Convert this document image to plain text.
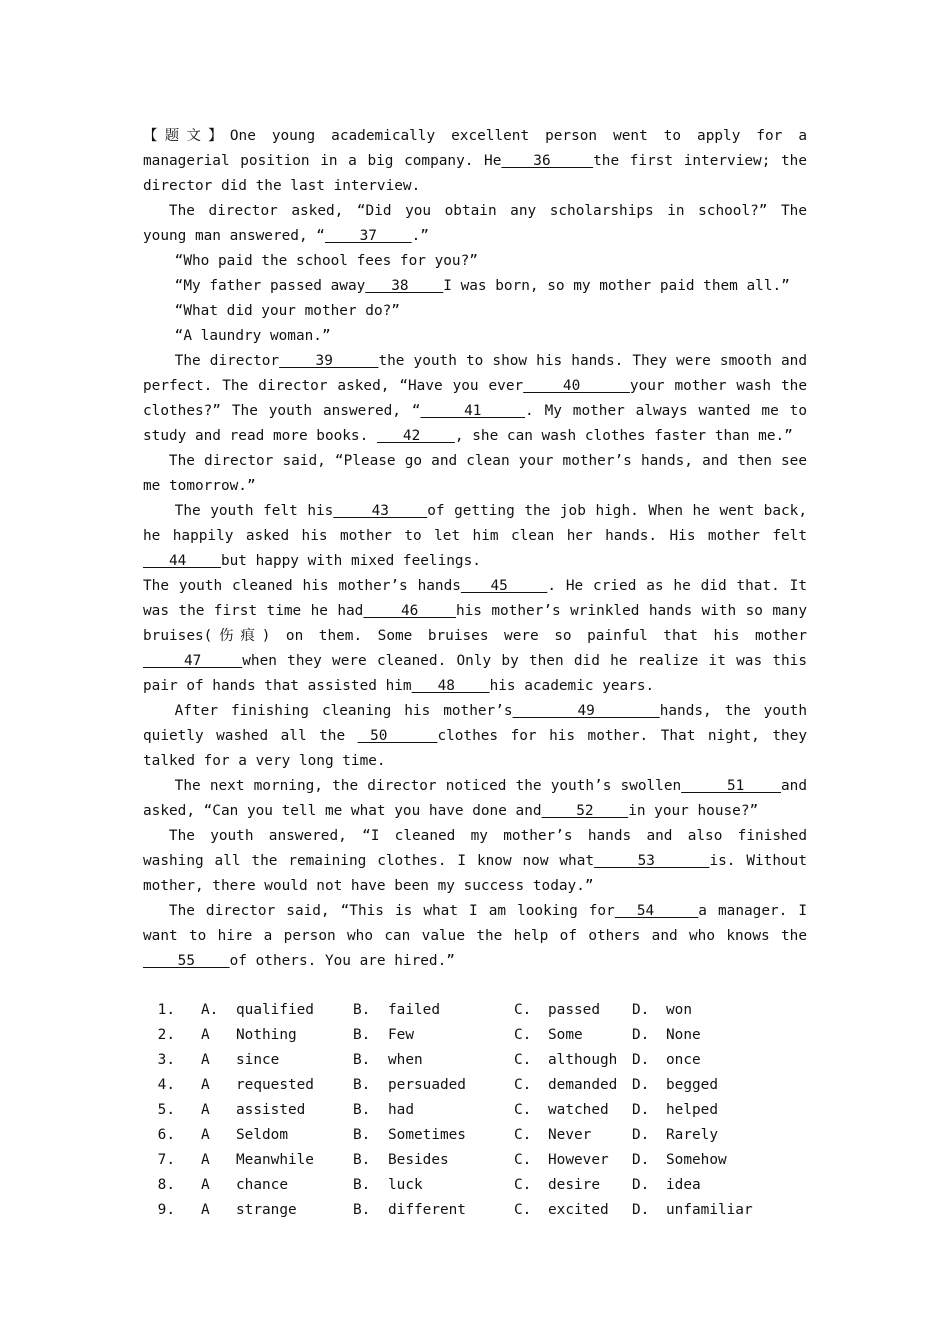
【题文】One young academically excellent person went to apply for a managerial position in a big company. He   36    the first interview; the director did the last interview.

The director asked, “Did you obtain any scholarships in school?” The young man answered, “    37    .”

“Who paid the school fees for you?”

“My father passed away   38    I was born, so my mother paid them all.”

“What did your mother do?”

“A laundry woman.”

The director    39     the youth to show his hands. They were smooth and perfect. The director asked, “Have you ever    40     your mother wash the clothes?” The youth answered, “    41    . My mother always wanted me to study and read more books.    42    , she can wash clothes faster than me.”

The director said, “Please go and clean your mother’s hands, and then see me tomorrow.”

The youth felt his    43    of getting the job high. When he went back, he happily asked his mother to let him clean her hands. His mother felt   44    but happy with mixed feelings.

The youth cleaned his mother’s hands   45    . He cried as he did that. It was the first time he had    46    his mother’s wrinkled hands with so many bruises(伤痕) on them. Some bruises were so painful that his mother    47    when they were cleaned. Only by then did he realize it was this pair of hands that assisted him   48    his academic years.

After finishing cleaning his mother’s     49     hands, the youth quietly washed all the  50    clothes for his mother. That night, they talked for a very long time.

The next morning, the director noticed the youth’s swollen     51    and asked, “Can you tell me what you have done and    52    in your house?”

The youth answered, “I cleaned my mother’s hands and also finished washing all the remaining clothes. I know now what    53     is. Without mother, there would not have been my success today.”

The director said, “This is what I am looking for  54    a manager. I want to hire a person who can value the help of others and who knows the    55    of others. You are hired.”

1. A. qualified	B. failed	C. passed D. won
2. A Nothing	B. Few	C. Some	D. None
3. A since	B. when	C. although D. once
4. A requested	B. persuaded	C. demanded D. begged
5. A assisted	B. had	C. watched D. helped
6. A Seldom	B. Sometimes	C. Never	D. Rarely
7. A Meanwhile	B. Besides	C. However D. Somehow
8. A chance	B. luck	C. desire D. idea
9. A strange	B. different	C. excited D. unfamiliar
